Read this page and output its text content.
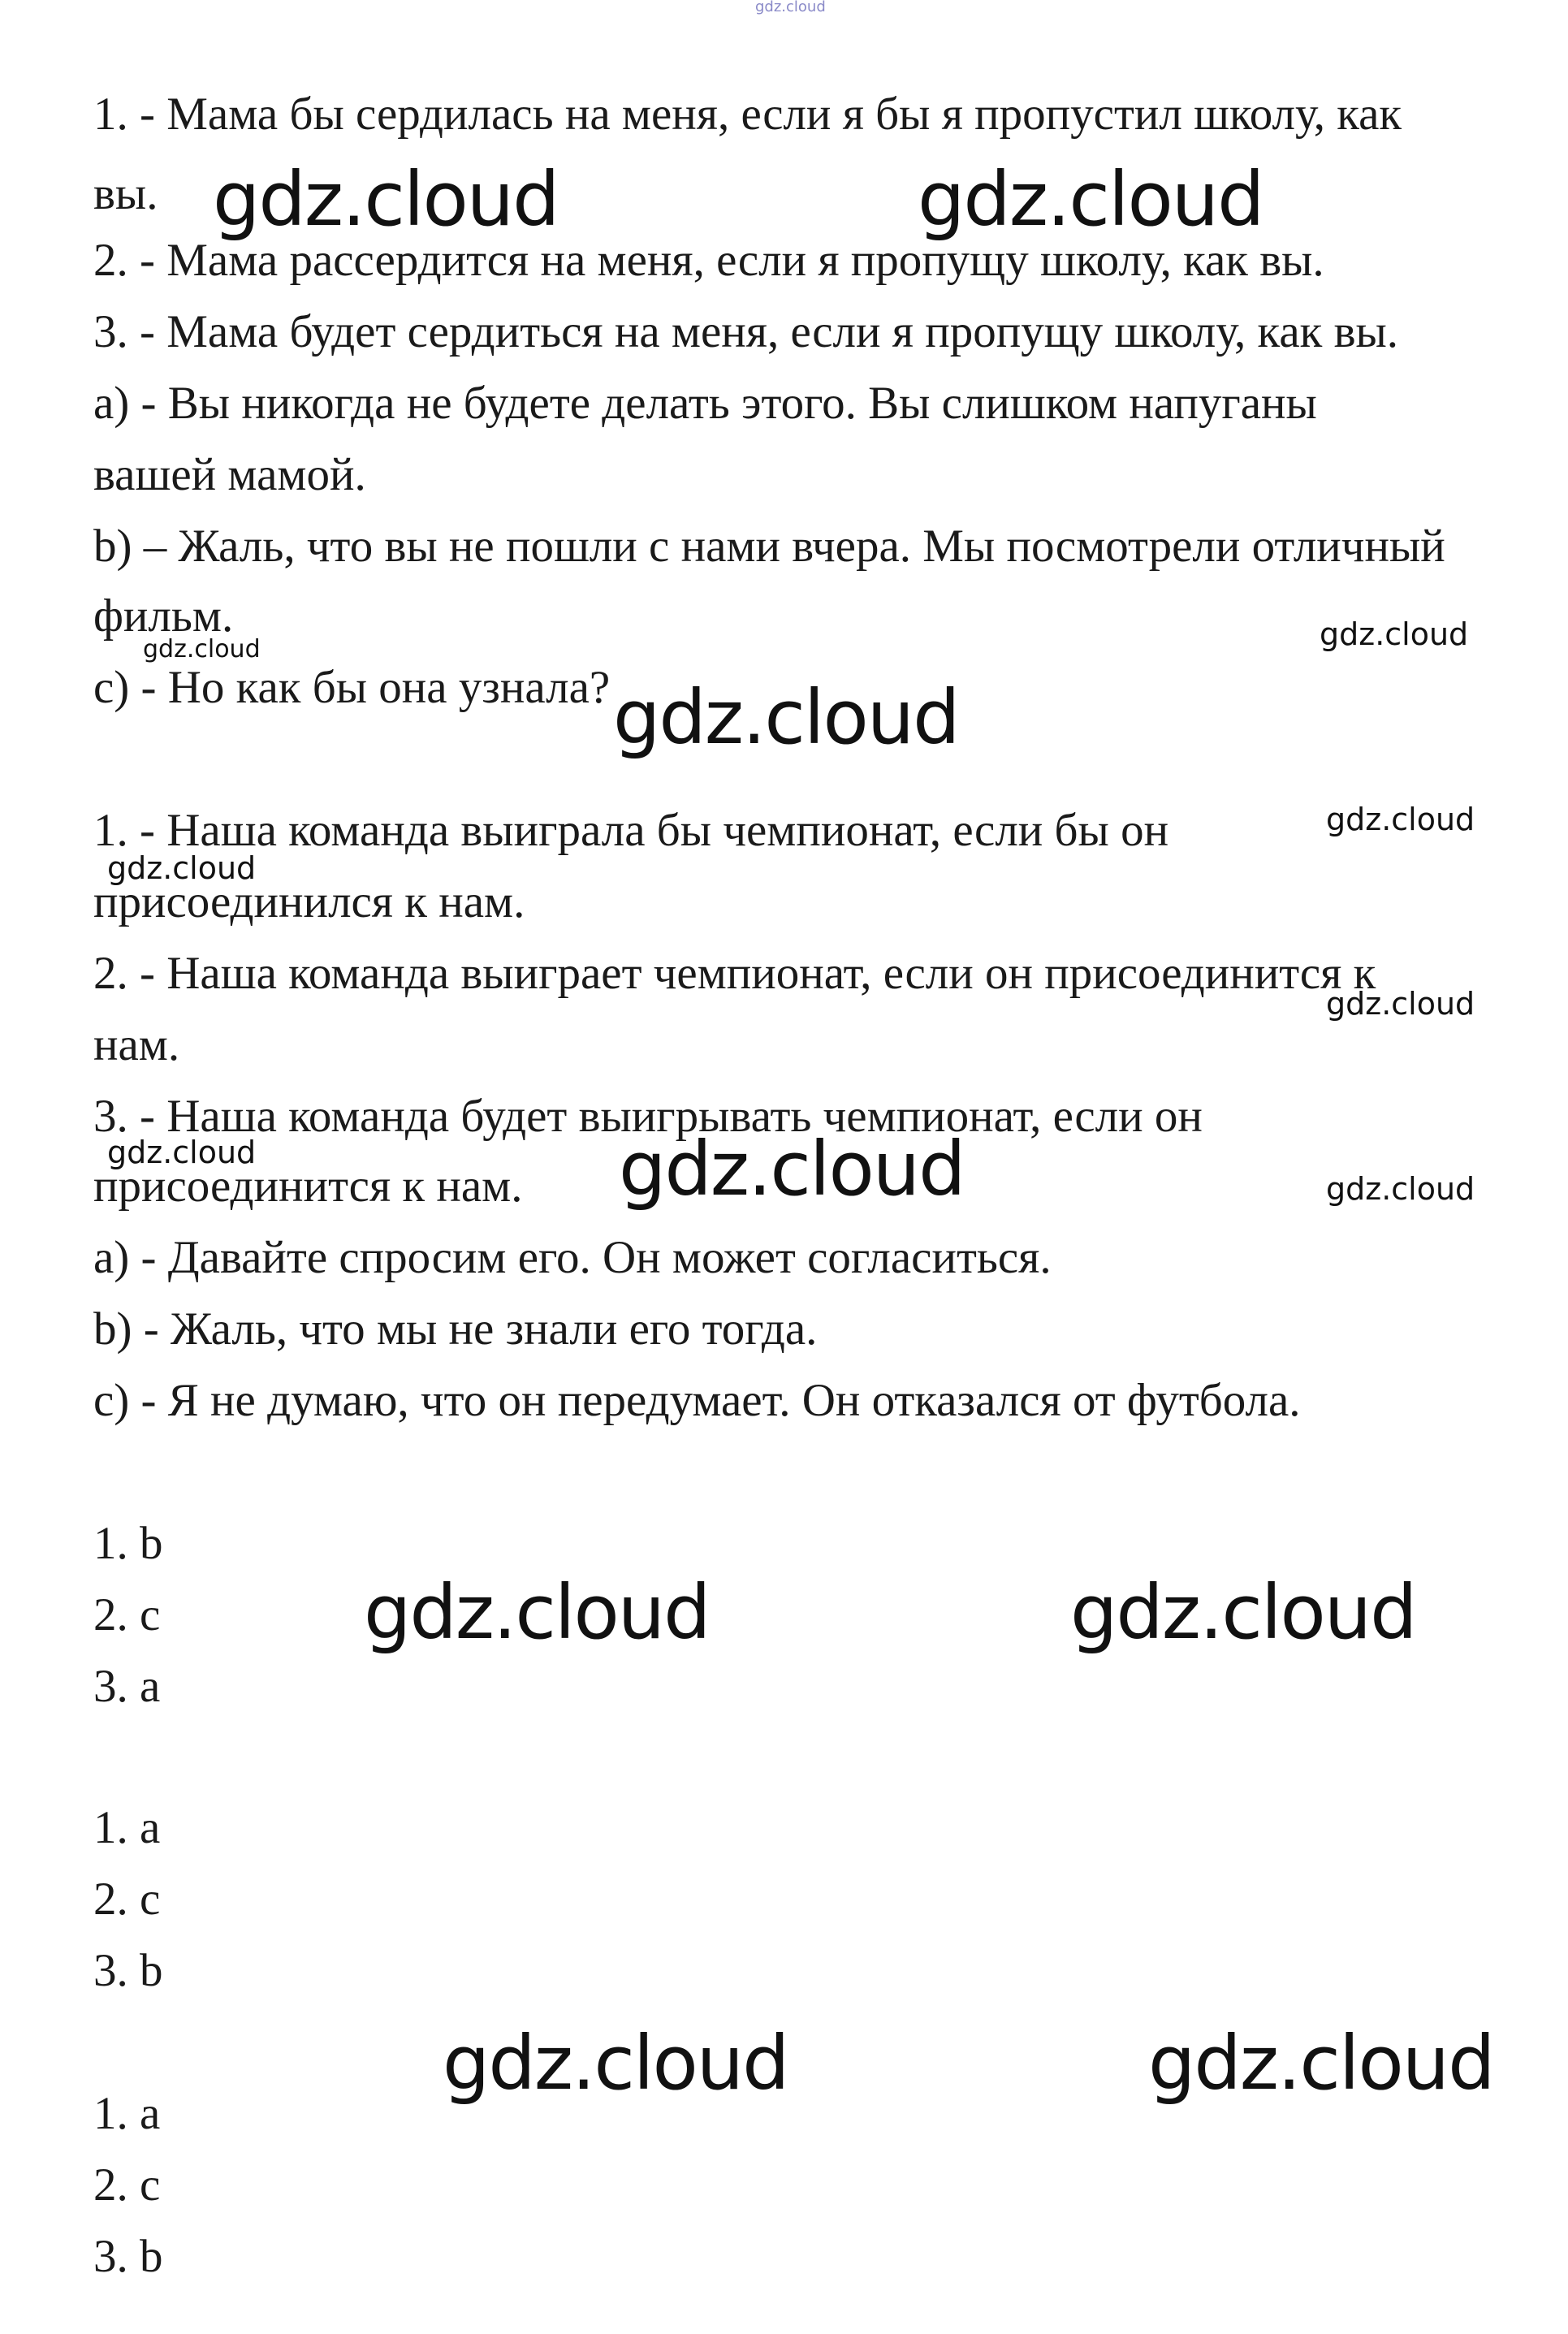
gdz.cloud
1. - Мама бы сердилась на меня, если я бы я пропустил школу, как
вы.
2. - Мама рассердится на меня, если я пропущу школу, как вы.
3. - Мама будет сердиться на меня, если я пропущу школу, как вы.
а) - Вы никогда не будете делать этого. Вы слишком напуганы
вашей мамой.
b) – Жаль, что вы не пошли с нами вчера. Мы посмотрели отличный
фильм.
с) - Но как бы она узнала?
1. - Наша команда выиграла бы чемпионат, если бы он
присоединился к нам.
2. - Наша команда выиграет чемпионат, если он присоединится к
нам.
3. - Наша команда будет выигрывать чемпионат, если он
присоединится к нам.
а) - Давайте спросим его. Он может согласиться.
b) - Жаль, что мы не знали его тогда.
с) - Я не думаю, что он передумает. Он отказался от футбола.
1. b
2. c
3. a
1. a
2. c
3. b
1. a
2. c
3. b
gdz.cloud	gdz.cloud
gdz.cloud	gdz.cloud
gdz.cloud
gdz.cloud
gdz.cloud
gdz.cloud
gdz.cloud	gdz.cloud	gdz.cloud
gdz.cloud	gdz.cloud
gdz.cloud	gdz.cloud
